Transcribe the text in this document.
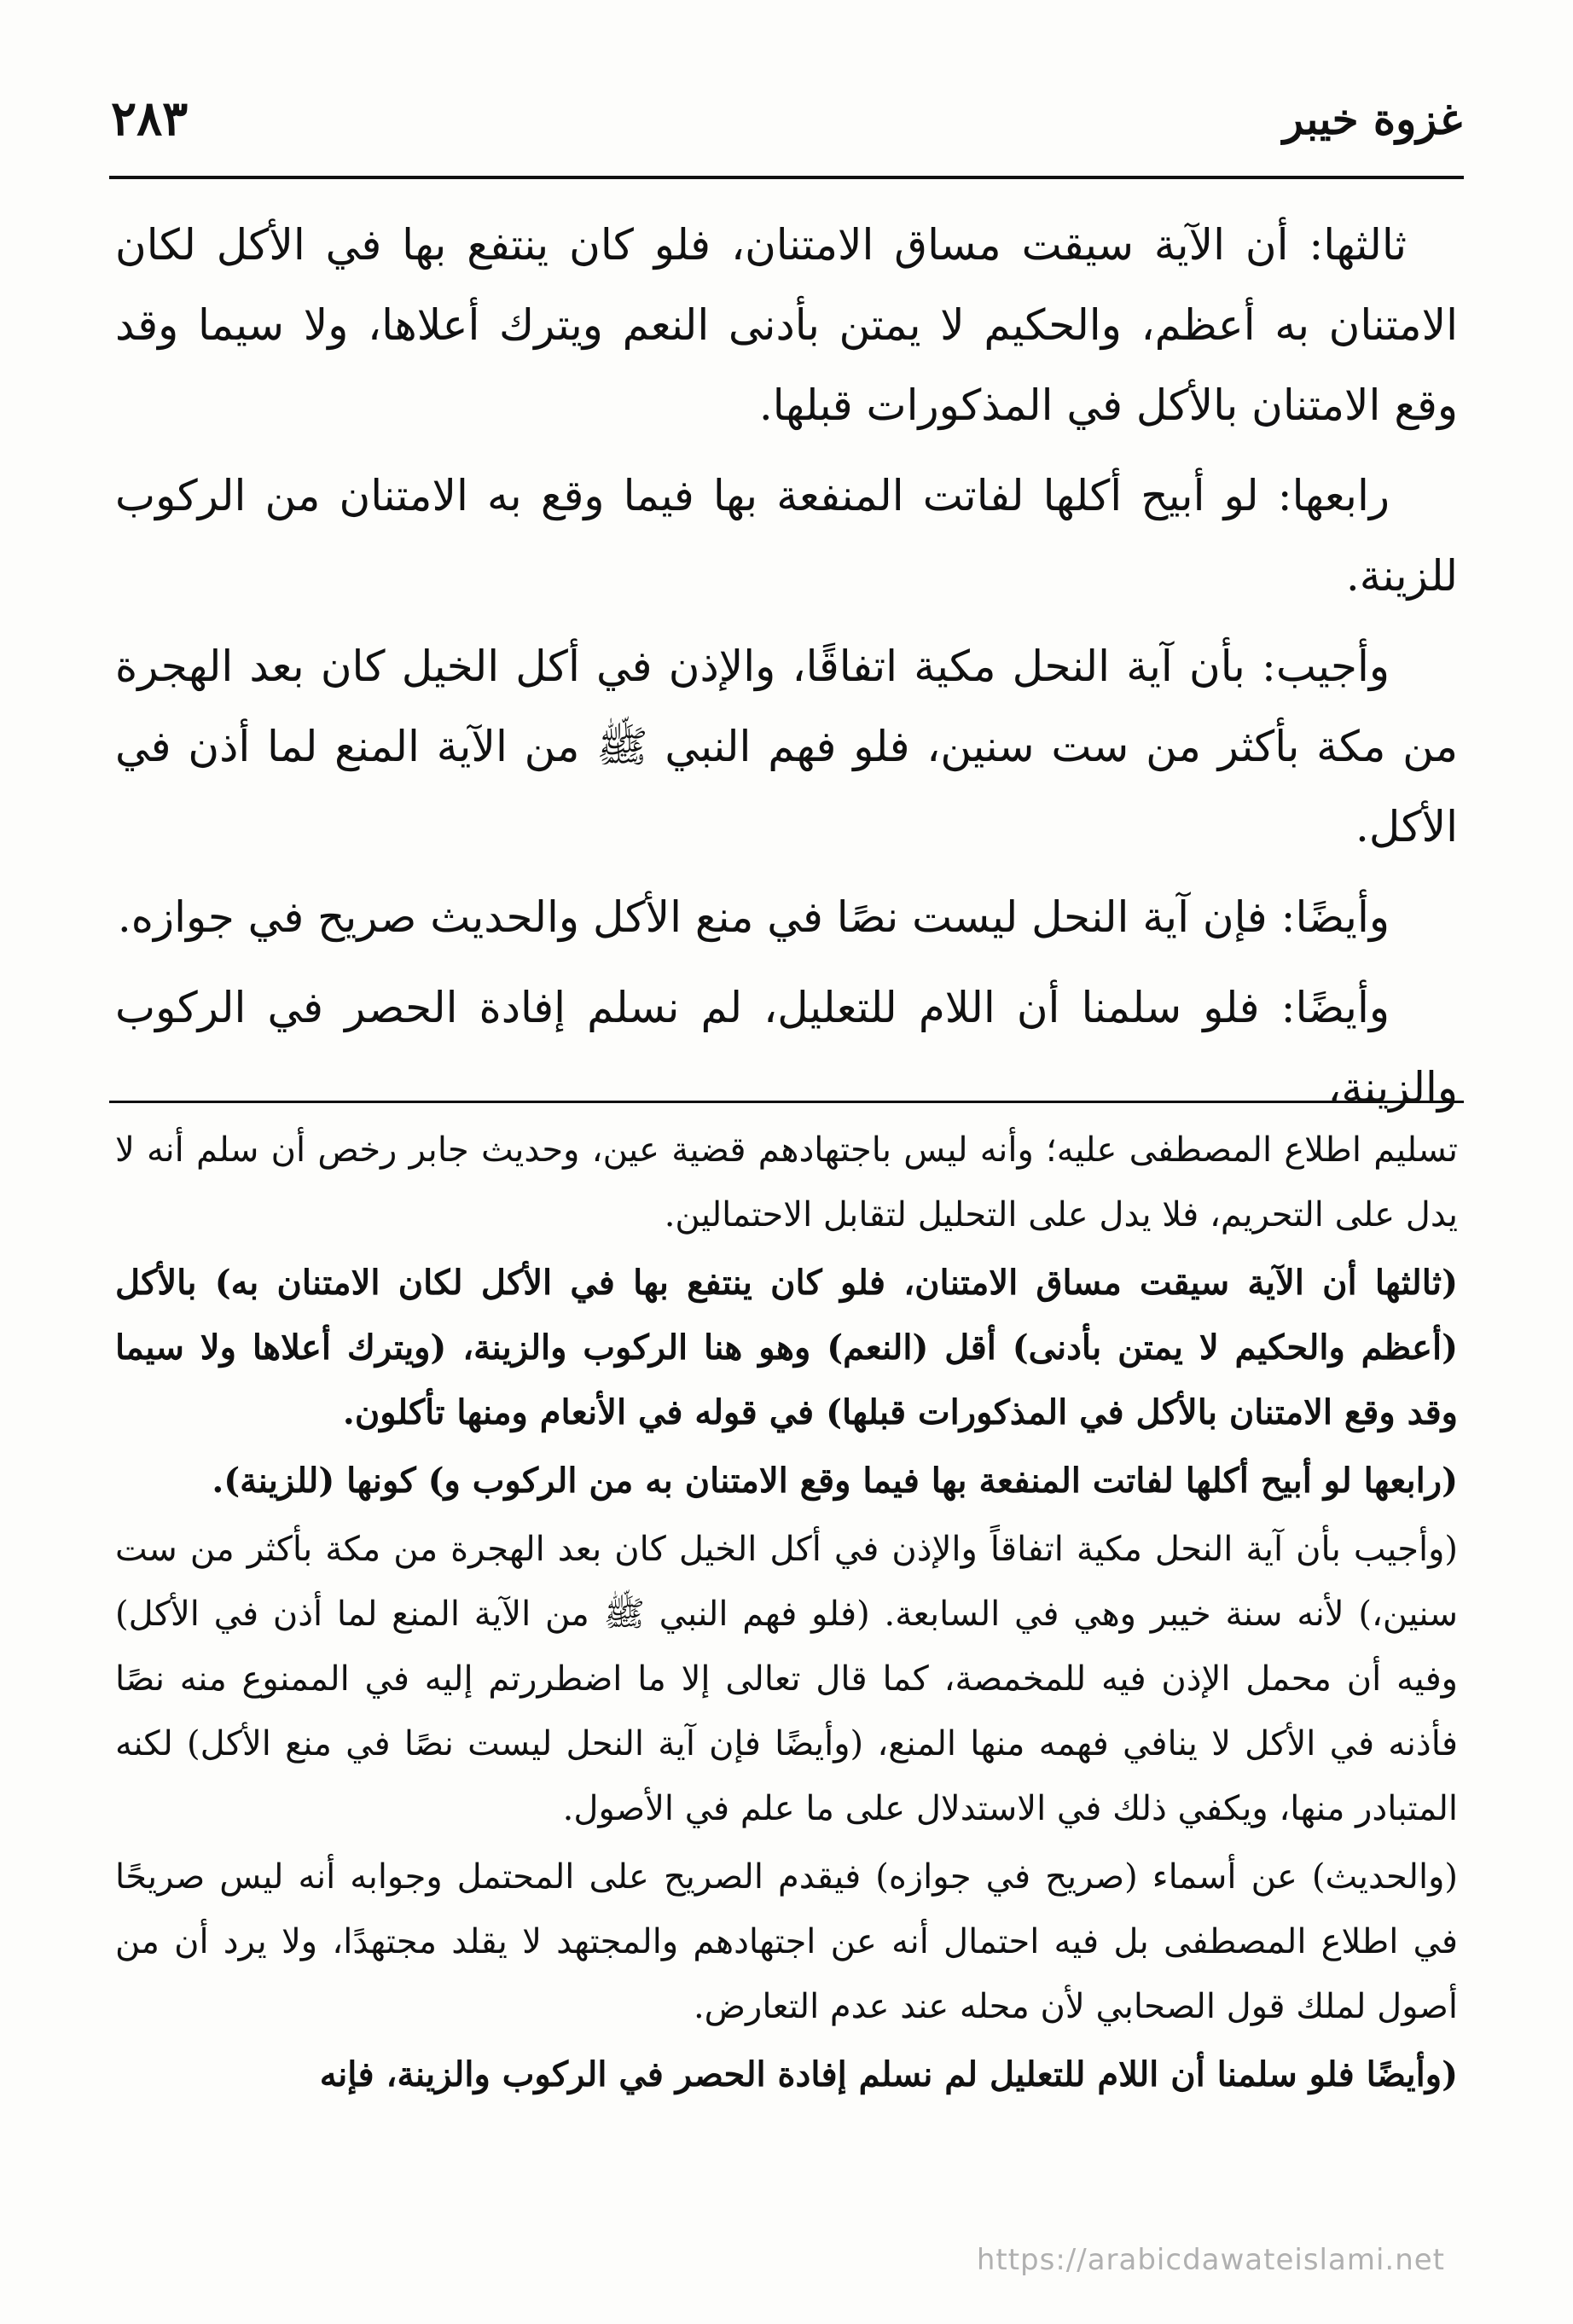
غزوة خيبر
٢٨٣

ثالثها: أن الآية سيقت مساق الامتنان، فلو كان ينتفع بها في الأكل لكان الامتنان به أعظم، والحكيم لا يمتن بأدنى النعم ويترك أعلاها، ولا سيما وقد وقع الامتنان بالأكل في المذكورات قبلها.

رابعها: لو أبيح أكلها لفاتت المنفعة بها فيما وقع به الامتنان من الركوب للزينة.

وأجيب: بأن آية النحل مكية اتفاقًا، والإذن في أكل الخيل كان بعد الهجرة من مكة بأكثر من ست سنين، فلو فهم النبي ﷺ من الآية المنع لما أذن في الأكل.

وأيضًا: فإن آية النحل ليست نصًا في منع الأكل والحديث صريح في جوازه.

وأيضًا: فلو سلمنا أن اللام للتعليل، لم نسلم إفادة الحصر في الركوب والزينة،

تسليم اطلاع المصطفى عليه؛ وأنه ليس باجتهادهم قضية عين، وحديث جابر رخص أن سلم أنه لا يدل على التحريم، فلا يدل على التحليل لتقابل الاحتمالين.

(ثالثها أن الآية سيقت مساق الامتنان، فلو كان ينتفع بها في الأكل لكان الامتنان به) بالأكل (أعظم والحكيم لا يمتن بأدنى) أقل (النعم) وهو هنا الركوب والزينة، (ويترك أعلاها ولا سيما وقد وقع الامتنان بالأكل في المذكورات قبلها) في قوله في الأنعام ومنها تأكلون.

(رابعها لو أبيح أكلها لفاتت المنفعة بها فيما وقع الامتنان به من الركوب و) كونها (للزينة).

(وأجيب بأن آية النحل مكية اتفاقاً والإذن في أكل الخيل كان بعد الهجرة من مكة بأكثر من ست سنين،) لأنه سنة خيبر وهي في السابعة. (فلو فهم النبي ﷺ من الآية المنع لما أذن في الأكل) وفيه أن محمل الإذن فيه للمخمصة، كما قال تعالى إلا ما اضطررتم إليه في الممنوع منه نصًا فأذنه في الأكل لا ينافي فهمه منها المنع، (وأيضًا فإن آية النحل ليست نصًا في منع الأكل) لكنه المتبادر منها، ويكفي ذلك في الاستدلال على ما علم في الأصول.

(والحديث) عن أسماء (صريح في جوازه) فيقدم الصريح على المحتمل وجوابه أنه ليس صريحًا في اطلاع المصطفى بل فيه احتمال أنه عن اجتهادهم والمجتهد لا يقلد مجتهدًا، ولا يرد أن من أصول لملك قول الصحابي لأن محله عند عدم التعارض.

(وأيضًا فلو سلمنا أن اللام للتعليل لم نسلم إفادة الحصر في الركوب والزينة، فإنه

https://arabicdawateislami.net
